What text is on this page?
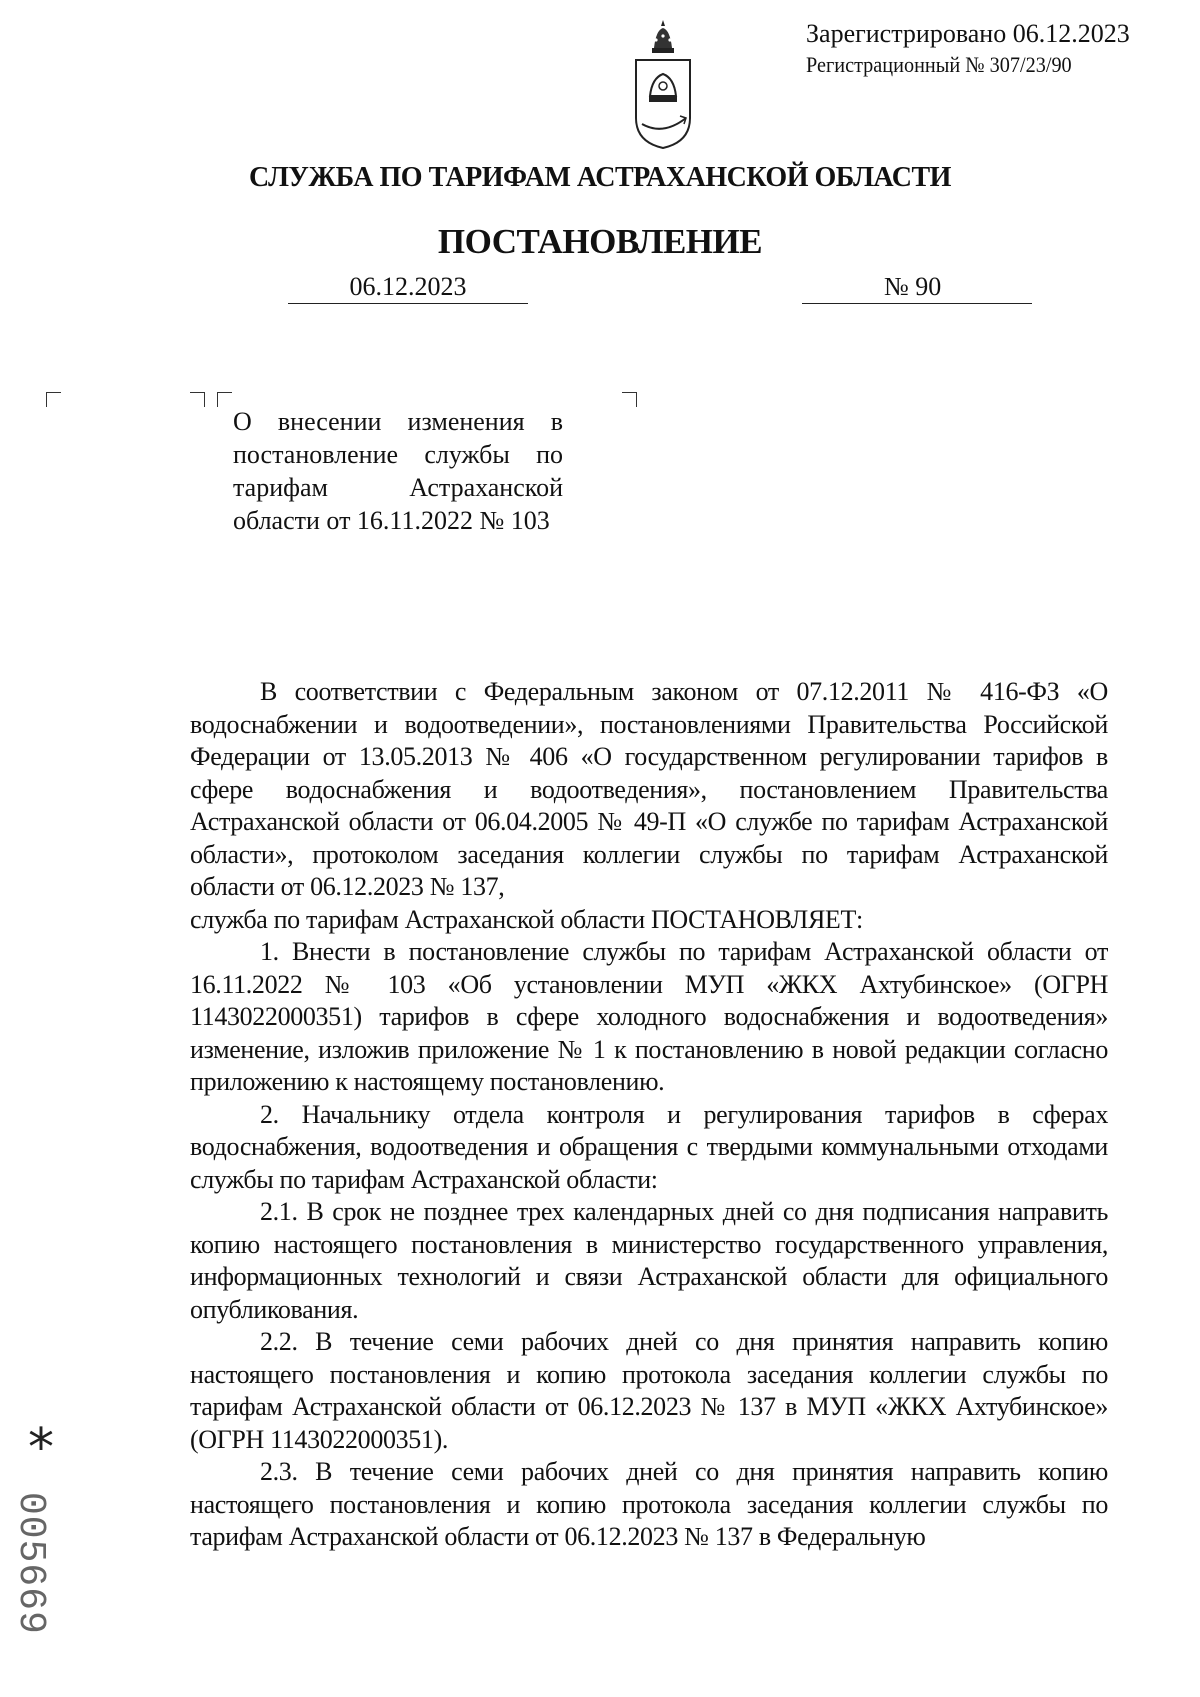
Зарегистрировано 06.12.2023
Регистрационный № 307/23/90
СЛУЖБА ПО ТАРИФАМ АСТРАХАНСКОЙ ОБЛАСТИ
ПОСТАНОВЛЕНИЕ
06.12.2023	№ 90
О внесении изменения в постановление службы по тарифам Астраханской области от 16.11.2022 № 103

В соответствии с Федеральным законом от 07.12.2011 № 416-ФЗ «О водоснабжении и водоотведении», постановлениями Правительства Российской Федерации от 13.05.2013 № 406 «О государственном регулировании тарифов в сфере водоснабжения и водоотведения», постановлением Правительства Астраханской области от 06.04.2005 № 49-П «О службе по тарифам Астраханской области», протоколом заседания коллегии службы по тарифам Астраханской области от 06.12.2023 № 137,

служба по тарифам Астраханской области ПОСТАНОВЛЯЕТ:

1. Внести в постановление службы по тарифам Астраханской области от 16.11.2022 № 103 «Об установлении МУП «ЖКХ Ахтубинское» (ОГРН 1143022000351) тарифов в сфере холодного водоснабжения и водоотведения» изменение, изложив приложение № 1 к постановлению в новой редакции согласно приложению к настоящему постановлению.

2. Начальнику отдела контроля и регулирования тарифов в сферах водоснабжения, водоотведения и обращения с твердыми коммунальными отходами службы по тарифам Астраханской области:

2.1. В срок не позднее трех календарных дней со дня подписания направить копию настоящего постановления в министерство государственного управления, информационных технологий и связи Астраханской области для официального опубликования.

2.2. В течение семи рабочих дней со дня принятия направить копию настоящего постановления и копию протокола заседания коллегии службы по тарифам Астраханской области от 06.12.2023 № 137 в МУП «ЖКХ Ахтубинское» (ОГРН 1143022000351).

2.3. В течение семи рабочих дней со дня принятия направить копию настоящего постановления и копию протокола заседания коллегии службы по тарифам Астраханской области от 06.12.2023 № 137 в Федеральную

*
005669
